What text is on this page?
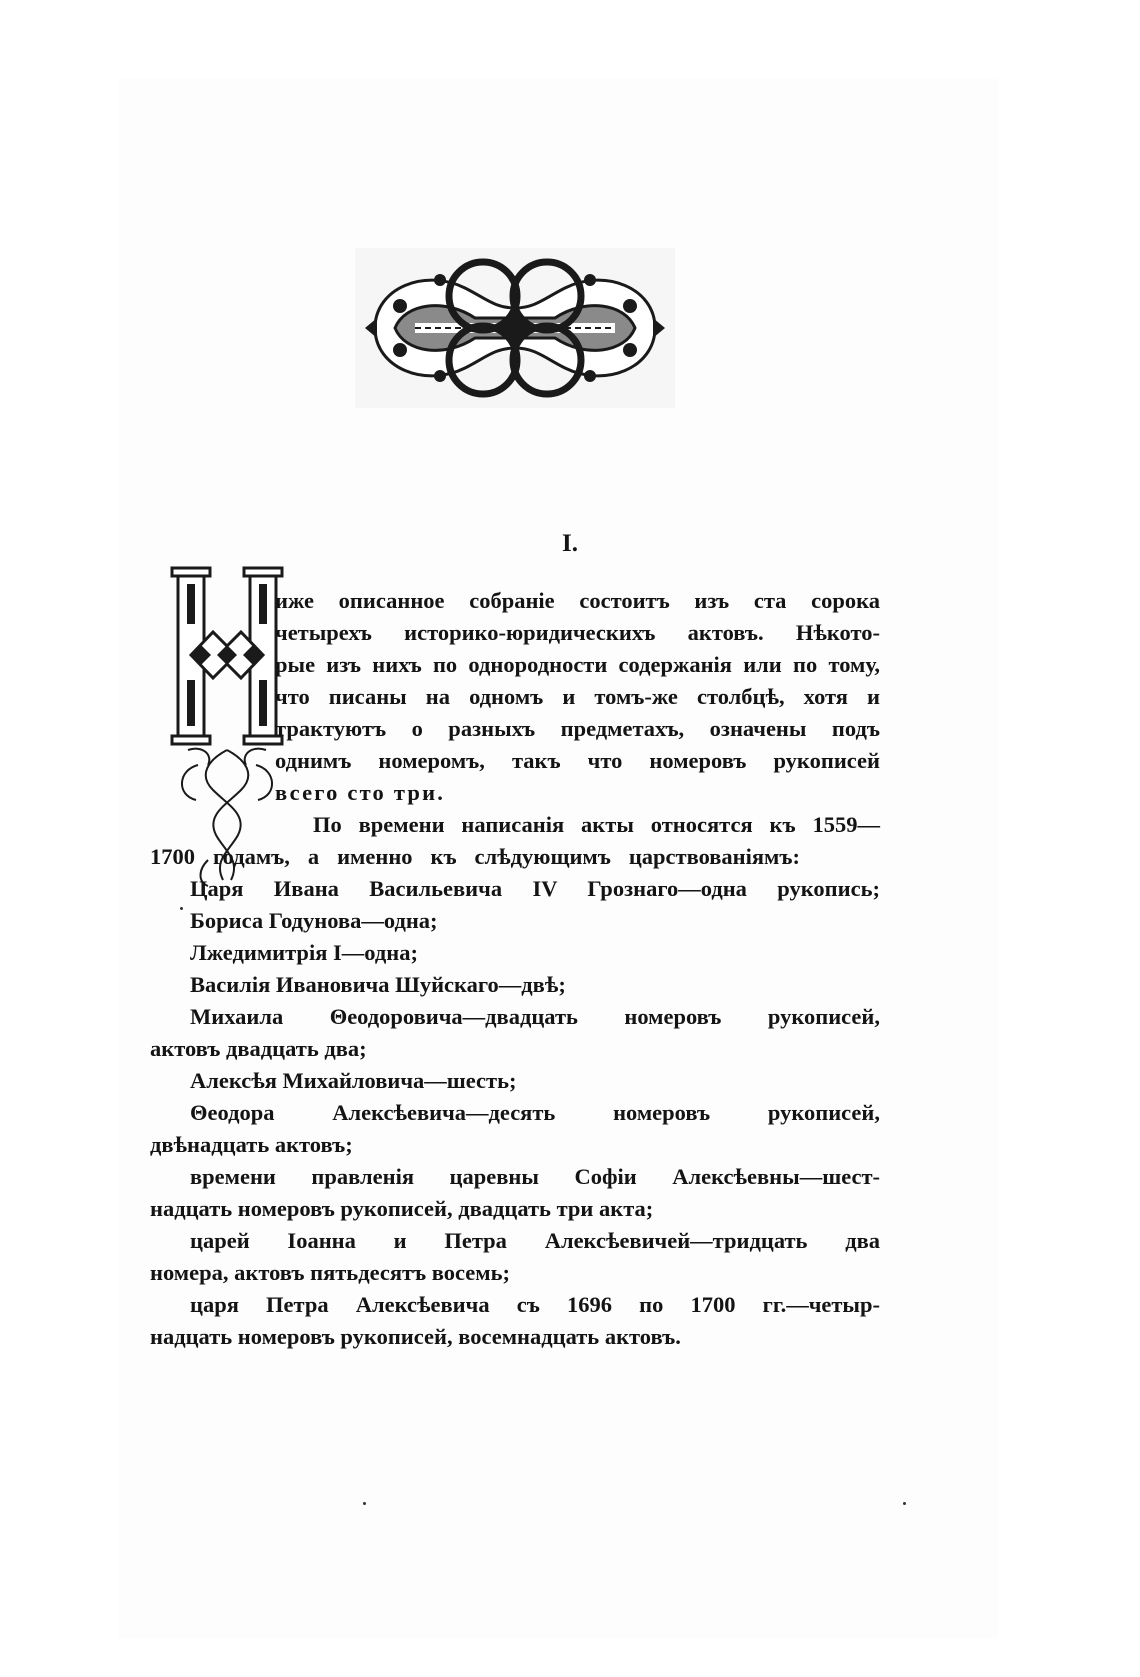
I.
иже описанное собраніе состоитъ изъ ста сорока
четырехъ историко-юридическихъ актовъ. Нѣкото-
рые изъ нихъ по однородности содержанія или по тому,
что писаны на одномъ и томъ-же столбцѣ, хотя и
трактуютъ о разныхъ предметахъ, означены подъ
однимъ номеромъ, такъ что номеровъ рукописей
всего сто три.
По времени написанія акты относятся къ 1559—
1700 годамъ, а именно къ слѣдующимъ царствованіямъ:
Царя Ивана Васильевича IV Грознаго—одна рукопись;
Бориса Годунова—одна;
Лжедимитрія I—одна;
Василія Ивановича Шуйскаго—двѣ;
Михаила Θеодоровича—двадцать номеровъ рукописей,
актовъ двадцать два;
Алексѣя Михайловича—шесть;
Θеодора Алексѣевича—десять номеровъ рукописей,
двѣнадцать актовъ;
времени правленія царевны Софіи Алексѣевны—шест-
надцать номеровъ рукописей, двадцать три акта;
царей Іоанна и Петра Алексѣевичей—тридцать два
номера, актовъ пятьдесятъ восемь;
царя Петра Алексѣевича съ 1696 по 1700 гг.—четыр-
надцать номеровъ рукописей, восемнадцать актовъ.
